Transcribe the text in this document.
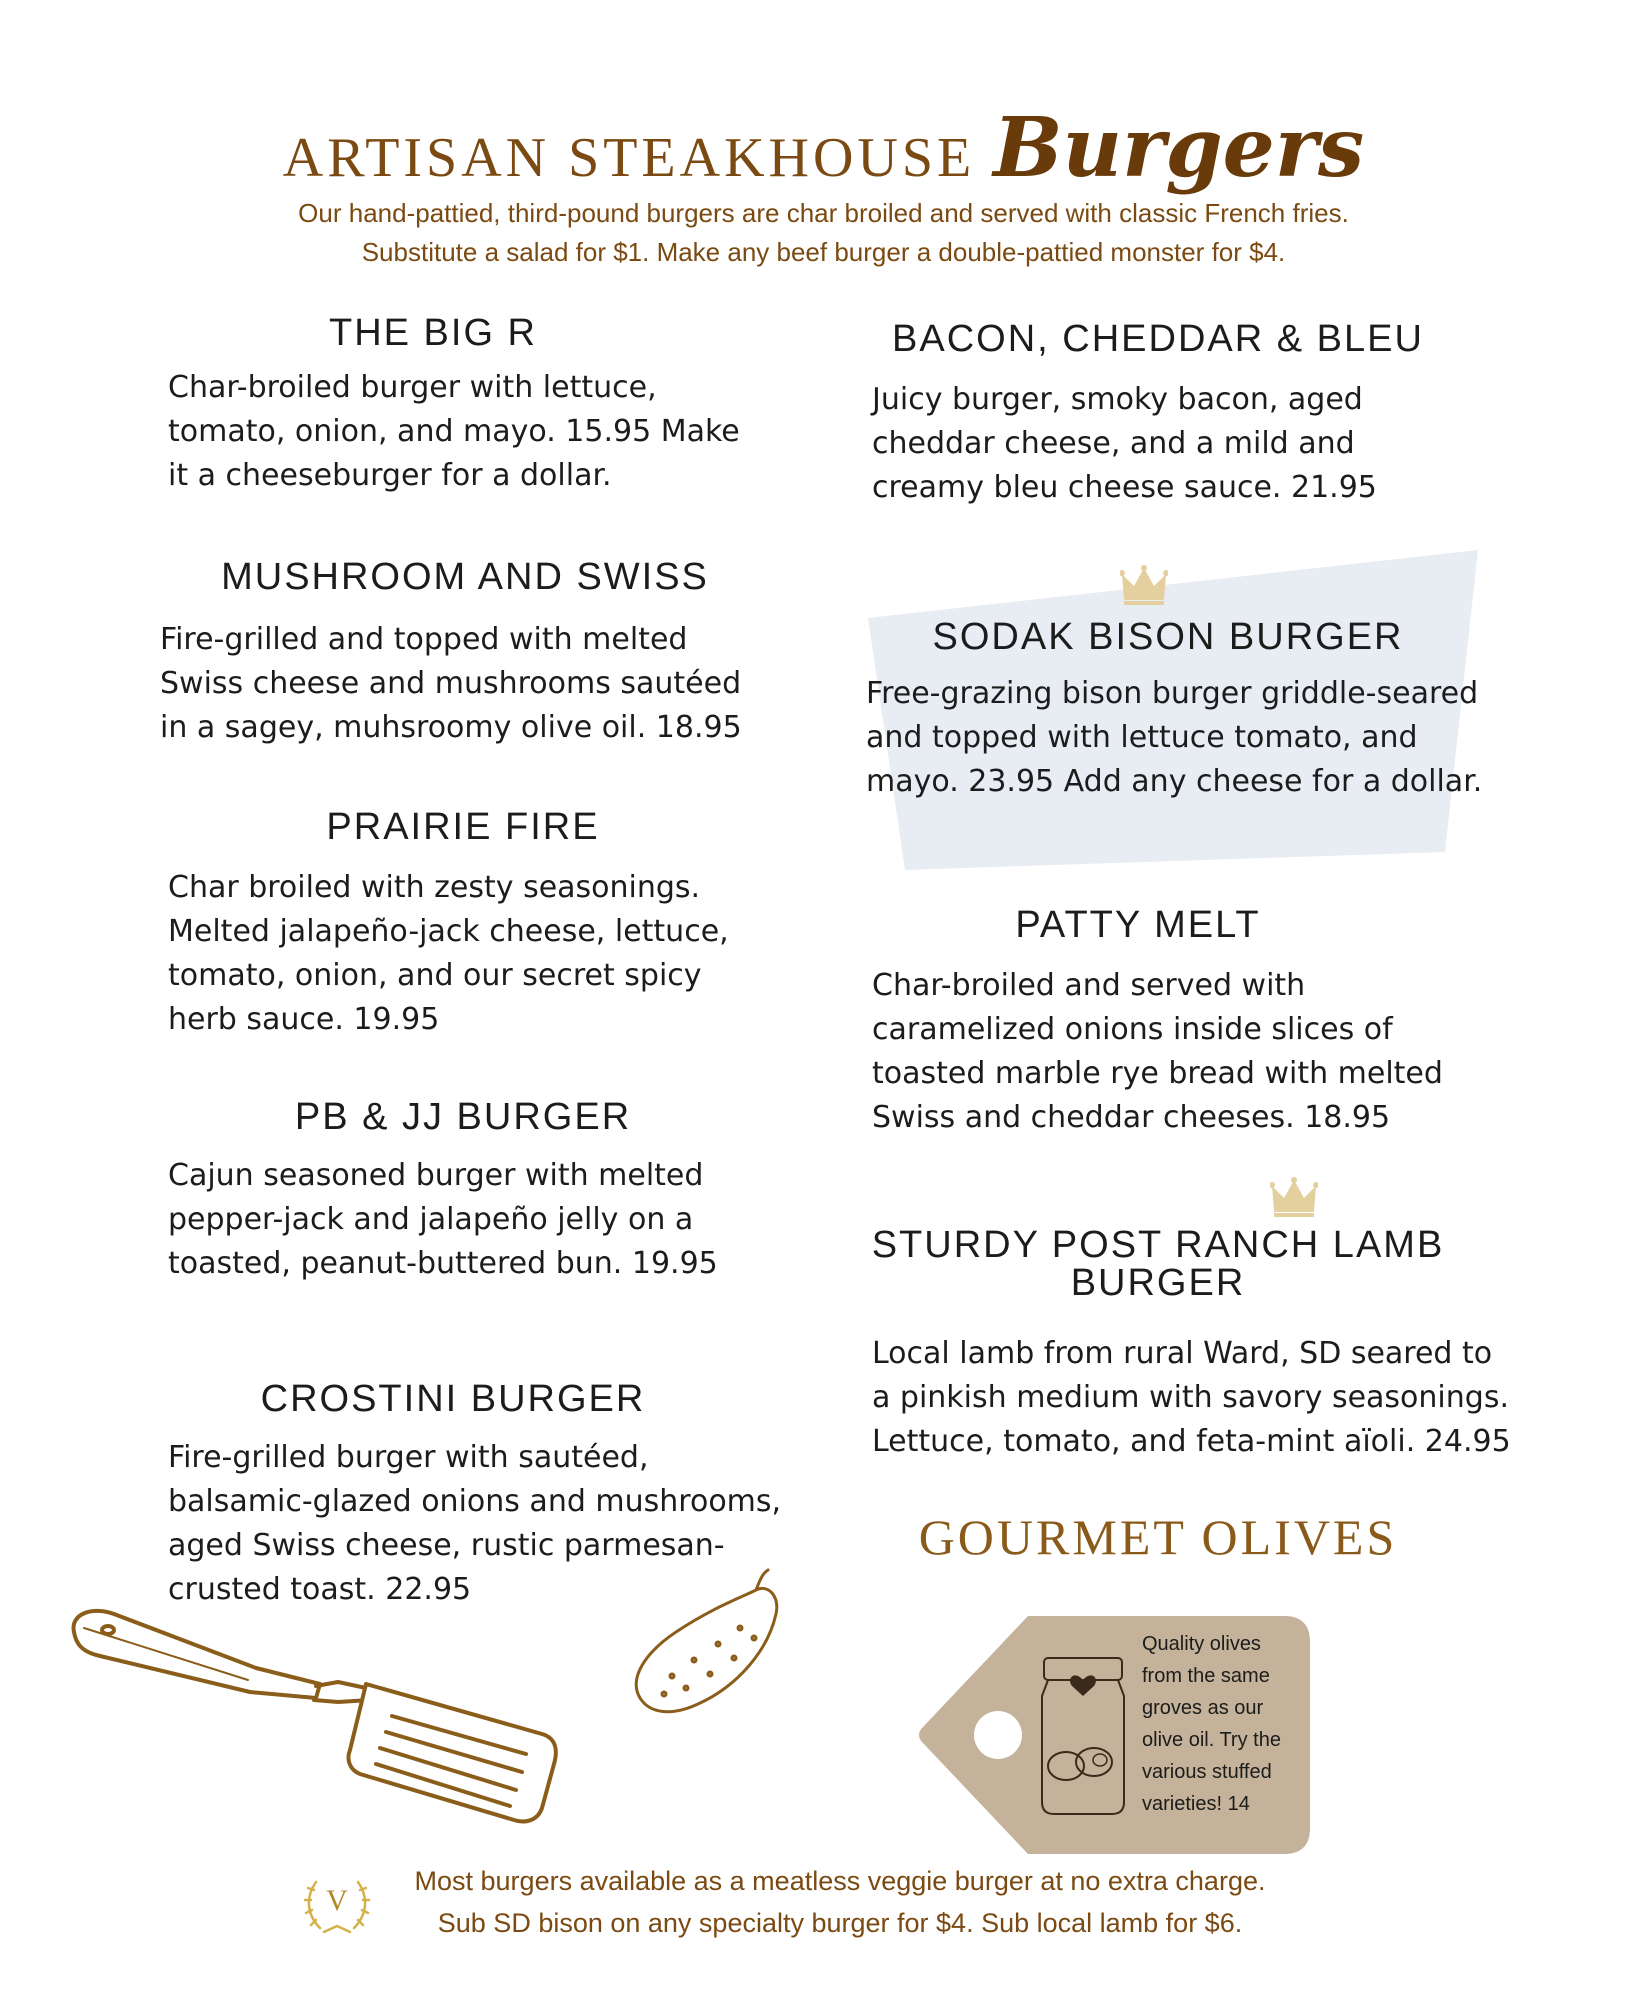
ARTISAN STEAKHOUSE Burgers
Our hand-pattied, third-pound burgers are char broiled and served with classic French fries.
Substitute a salad for $1. Make any beef burger a double-pattied monster for $4.
THE BIG R
Char-broiled burger with lettuce,
tomato, onion, and mayo. 15.95 Make
it a cheeseburger for a dollar.
MUSHROOM AND SWISS
Fire-grilled and topped with melted
Swiss cheese and mushrooms sautéed
in a sagey, muhsroomy olive oil. 18.95
PRAIRIE FIRE
Char broiled with zesty seasonings.
Melted jalapeño-jack cheese, lettuce,
tomato, onion, and our secret spicy
herb sauce. 19.95
PB & JJ BURGER
Cajun seasoned burger with melted
pepper-jack and jalapeño jelly on a
toasted, peanut-buttered bun. 19.95
CROSTINI BURGER
Fire-grilled burger with sautéed,
balsamic-glazed onions and mushrooms,
aged Swiss cheese, rustic parmesan-
crusted toast. 22.95
BACON, CHEDDAR & BLEU
Juicy burger, smoky bacon, aged
cheddar cheese, and a mild and
creamy bleu cheese sauce. 21.95
SODAK BISON BURGER
Free-grazing bison burger griddle-seared
and topped with lettuce tomato, and
mayo. 23.95 Add any cheese for a dollar.
PATTY MELT
Char-broiled and served with
caramelized onions inside slices of
toasted marble rye bread with melted
Swiss and cheddar cheeses. 18.95
STURDY POST RANCH LAMB
BURGER
Local lamb from rural Ward, SD seared to
a pinkish medium with savory seasonings.
Lettuce, tomato, and feta-mint aïoli. 24.95
GOURMET OLIVES
Quality olives
from the same
groves as our
olive oil. Try the
various stuffed
varieties! 14
V
Most burgers available as a meatless veggie burger at no extra charge.
Sub SD bison on any specialty burger for $4. Sub local lamb for $6.
